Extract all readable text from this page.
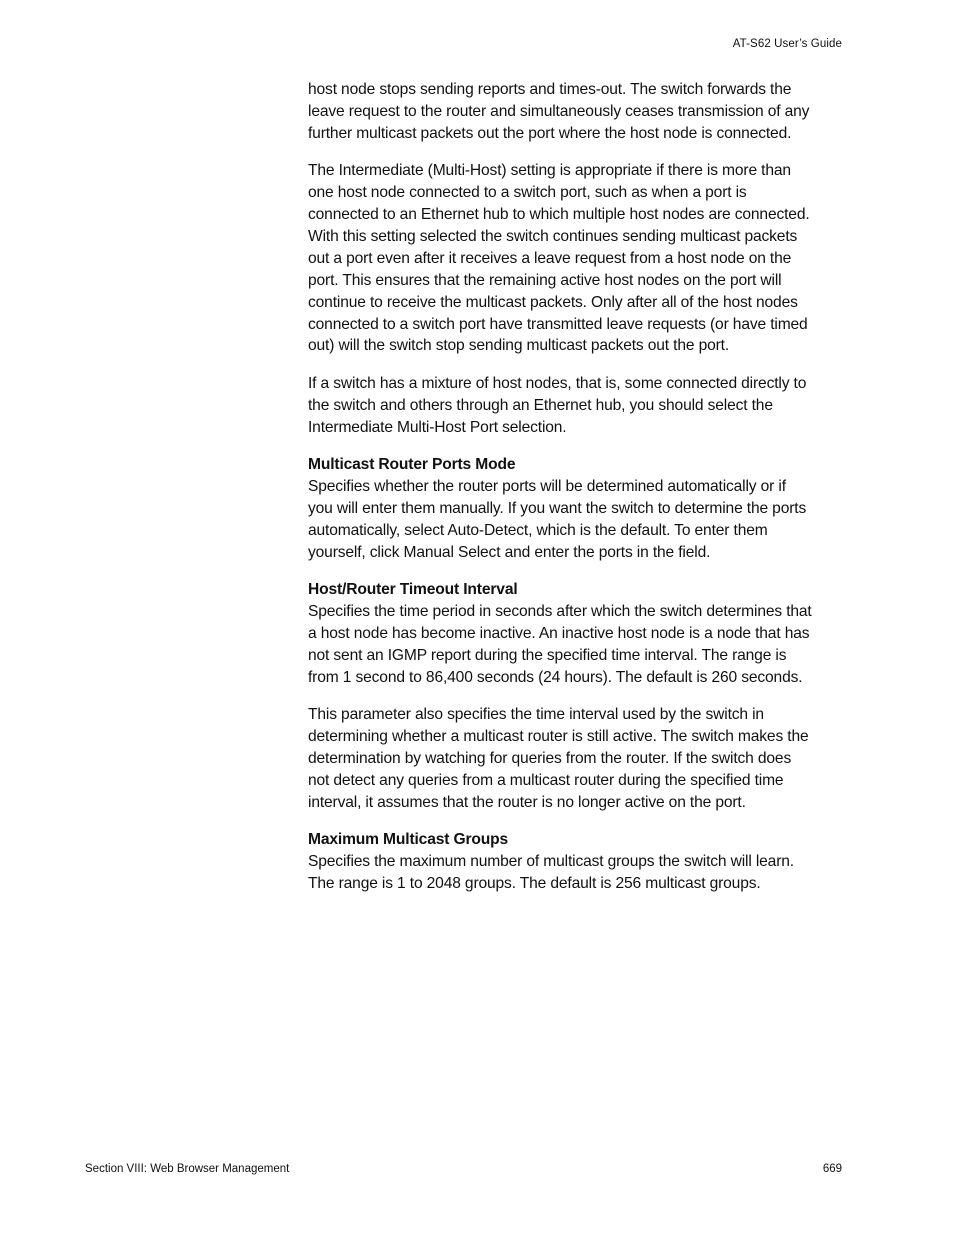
AT-S62 User’s Guide

host node stops sending reports and times-out. The switch forwards the leave request to the router and simultaneously ceases transmission of any further multicast packets out the port where the host node is connected.

The Intermediate (Multi-Host) setting is appropriate if there is more than one host node connected to a switch port, such as when a port is connected to an Ethernet hub to which multiple host nodes are connected. With this setting selected the switch continues sending multicast packets out a port even after it receives a leave request from a host node on the port. This ensures that the remaining active host nodes on the port will continue to receive the multicast packets. Only after all of the host nodes connected to a switch port have transmitted leave requests (or have timed out) will the switch stop sending multicast packets out the port.

If a switch has a mixture of host nodes, that is, some connected directly to the switch and others through an Ethernet hub, you should select the Intermediate Multi-Host Port selection.

Multicast Router Ports Mode
Specifies whether the router ports will be determined automatically or if you will enter them manually. If you want the switch to determine the ports automatically, select Auto-Detect, which is the default. To enter them yourself, click Manual Select and enter the ports in the field.

Host/Router Timeout Interval
Specifies the time period in seconds after which the switch determines that a host node has become inactive. An inactive host node is a node that has not sent an IGMP report during the specified time interval. The range is from 1 second to 86,400 seconds (24 hours). The default is 260 seconds.

This parameter also specifies the time interval used by the switch in determining whether a multicast router is still active. The switch makes the determination by watching for queries from the router. If the switch does not detect any queries from a multicast router during the specified time interval, it assumes that the router is no longer active on the port.

Maximum Multicast Groups
Specifies the maximum number of multicast groups the switch will learn. The range is 1 to 2048 groups. The default is 256 multicast groups.

Section VIII: Web Browser Management	669
